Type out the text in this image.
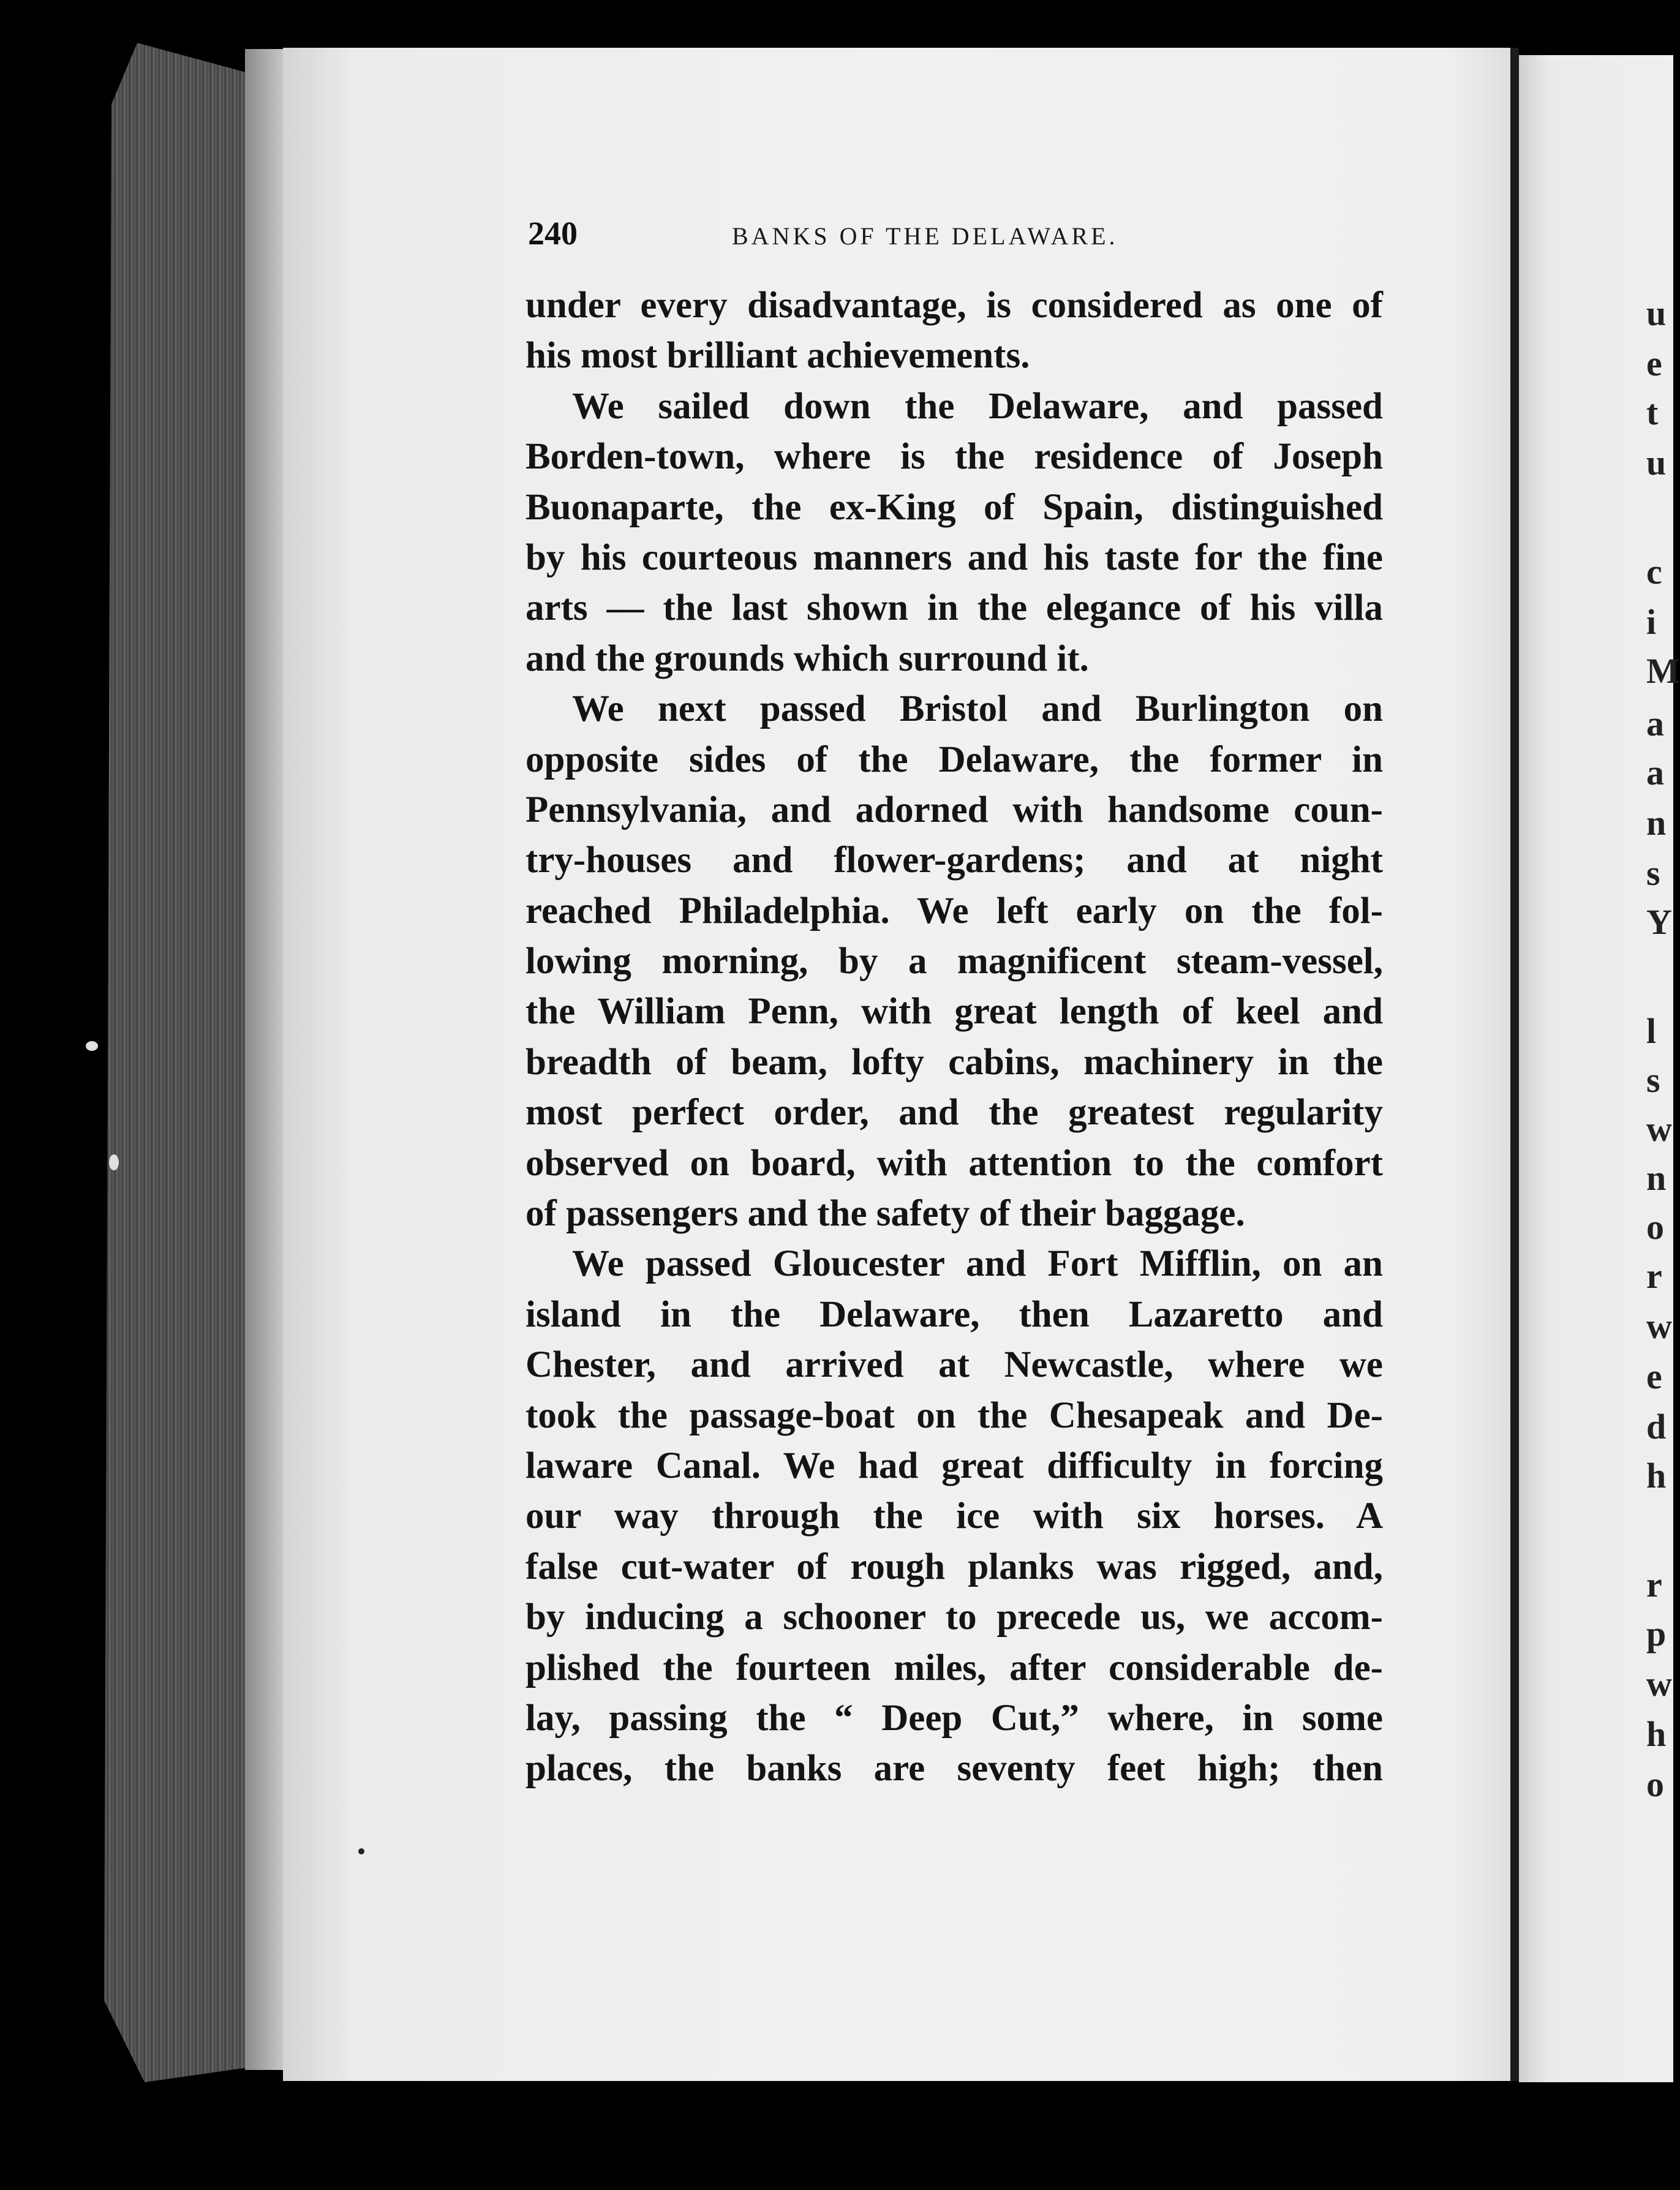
240	BANKS OF THE DELAWARE.
under every disadvantage, is considered as one of
his most brilliant achievements.
We sailed down the Delaware, and passed
Borden-town, where is the residence of Joseph
Buonaparte, the ex-King of Spain, distinguished
by his courteous manners and his taste for the fine
arts — the last shown in the elegance of his villa
and the grounds which surround it.
We next passed Bristol and Burlington on
opposite sides of the Delaware, the former in
Pennsylvania, and adorned with handsome coun-
try-houses and flower-gardens; and at night
reached Philadelphia. We left early on the fol-
lowing morning, by a magnificent steam-vessel,
the William Penn, with great length of keel and
breadth of beam, lofty cabins, machinery in the
most perfect order, and the greatest regularity
observed on board, with attention to the comfort
of passengers and the safety of their baggage.
We passed Gloucester and Fort Mifflin, on an
island in the Delaware, then Lazaretto and
Chester, and arrived at Newcastle, where we
took the passage-boat on the Chesapeak and De-
laware Canal. We had great difficulty in forcing
our way through the ice with six horses. A
false cut-water of rough planks was rigged, and,
by inducing a schooner to precede us, we accom-
plished the fourteen miles, after considerable de-
lay, passing the “ Deep Cut,” where, in some
places, the banks are seventy feet high; then
u
e
t
u
c
i
M
a
a
n
s
Y
l
s
w
n
o
r
w
e
d
h
r
p
w
h
o
